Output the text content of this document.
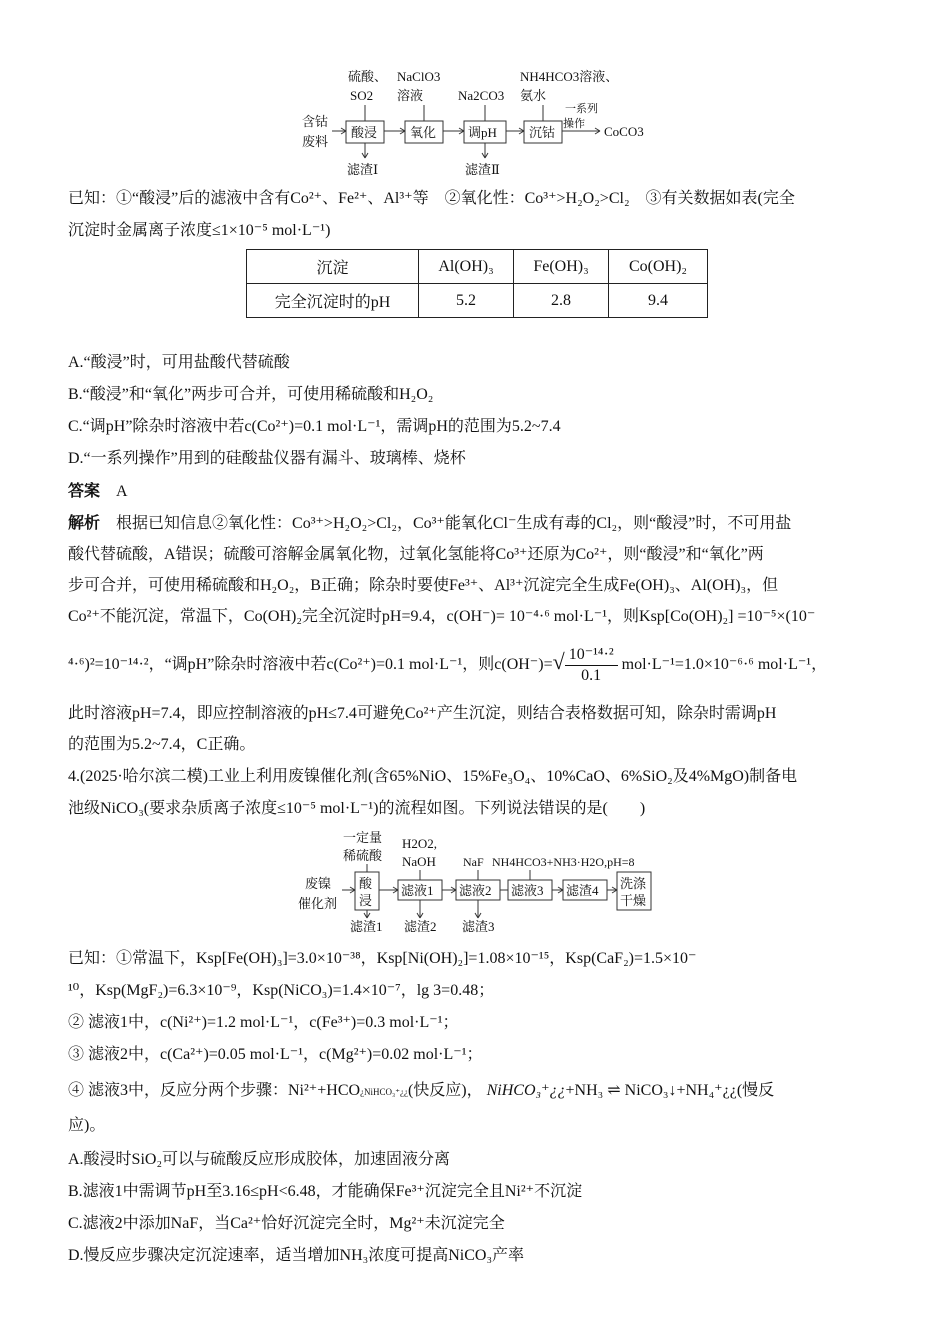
硫酸、
SO2
NaClO3
溶液	Na2CO3
NH4HCO3溶液、
氨水
含钴
废料
酸浸	氧化 调pH 沉钴
一系列
操作 CoCO3
滤渣Ⅰ	滤渣Ⅱ
已知：①“酸浸”后的滤液中含有Co²⁺、Fe²⁺、Al³⁺等　②氧化性：Co³⁺>H₂O₂>Cl₂　③有关数据如表(完全
沉淀时金属离子浓度≤1×10⁻⁵ mol·L⁻¹)
沉淀	Al(OH)₃	Fe(OH)₃	Co(OH)₂
完全沉淀时的pH	5.2	2.8	9.4
A.“酸浸”时，可用盐酸代替硫酸
B.“酸浸”和“氧化”两步可合并，可使用稀硫酸和H₂O₂
C.“调pH”除杂时溶液中若c(Co²⁺)=0.1 mol·L⁻¹，需调pH的范围为5.2~7.4
D.“一系列操作”用到的硅酸盐仪器有漏斗、玻璃棒、烧杯
答案 A
解析 根据已知信息②氧化性：Co³⁺>H₂O₂>Cl₂，Co³⁺能氧化Cl⁻生成有毒的Cl₂，则“酸浸”时，不可用盐
酸代替硫酸，A错误；硫酸可溶解金属氧化物，过氧化氢能将Co³⁺还原为Co²⁺，则“酸浸”和“氧化”两
步可合并，可使用稀硫酸和H₂O₂，B正确；除杂时要使Fe³⁺、Al³⁺沉淀完全生成Fe(OH)₃、Al(OH)₃，但
Co²⁺不能沉淀，常温下，Co(OH)₂完全沉淀时pH=9.4，c(OH⁻)= 10⁻⁴·⁶ mol·L⁻¹，则Ksp[Co(OH)₂] =10⁻⁵×(10⁻
⁴·⁶)²=10⁻¹⁴·²，“调pH”除杂时溶液中若c(Co²⁺)=0.1 mol·L⁻¹，则$c(OH^-)=√ \frac{\text{10⁻¹⁴·²}}{0.1} mol\cdot L^{-1}=1.0\times 10^{-6}\cdot^6$ mol·L⁻¹，
此时溶液pH=7.4，即应控制溶液的pH≤7.4可避免Co²⁺产生沉淀，则结合表格数据可知，除杂时需调pH
的范围为5.2~7.4，C正确。
4.(2025·哈尔滨二模)工业上利用废镍催化剂(含65%NiO、15%Fe₃O₄、10%CaO、6%SiO₂及4%MgO)制备电
池级NiCO₃(要求杂质离子浓度≤10⁻⁵ mol·L⁻¹)的流程如图。下列说法错误的是(　　)
一定量
稀硫酸
H2O2,
NaOH NaF NH4HCO3+NH3·H2O,pH=8
废镍
催化剂
酸
浸
滤液1 滤液2 滤液3 滤渣4 洗涤
干燥
滤渣1 滤渣2 滤渣3
已知：①常温下，Ksp[Fe(OH)₃]=3.0×10⁻³⁸，Ksp[Ni(OH)₂]=1.08×10⁻¹⁵，Ksp(CaF₂)=1.5×10⁻
¹⁰，Ksp(MgF₂)=6.3×10⁻⁹，Ksp(NiCO₃)=1.4×10⁻⁷，lg 3=0.48；
② 滤液1中，c(Ni²⁺)=1.2 mol·L⁻¹，c(Fe³⁺)=0.3 mol·L⁻¹；
③ 滤液2中，c(Ca²⁺)=0.05 mol·L⁻¹，c(Mg²⁺)=0.02 mol·L⁻¹；
④ 滤液3中，反应分两个步骤：Ni²⁺+HCO¿NiHCO₃⁺¿¿(快反应)， NiHCO₃⁺¿¿+NH₃ ⇌ NiCO₃↓+NH₄⁺¿¿(慢反
应)。
A.酸浸时SiO₂可以与硫酸反应形成胶体，加速固液分离
B.滤液1中需调节pH至3.16≤pH<6.48，才能确保Fe³⁺沉淀完全且Ni²⁺不沉淀
C.滤液2中添加NaF，当Ca²⁺恰好沉淀完全时，Mg²⁺未沉淀完全
D.慢反应步骤决定沉淀速率，适当增加NH₃浓度可提高NiCO₃产率
